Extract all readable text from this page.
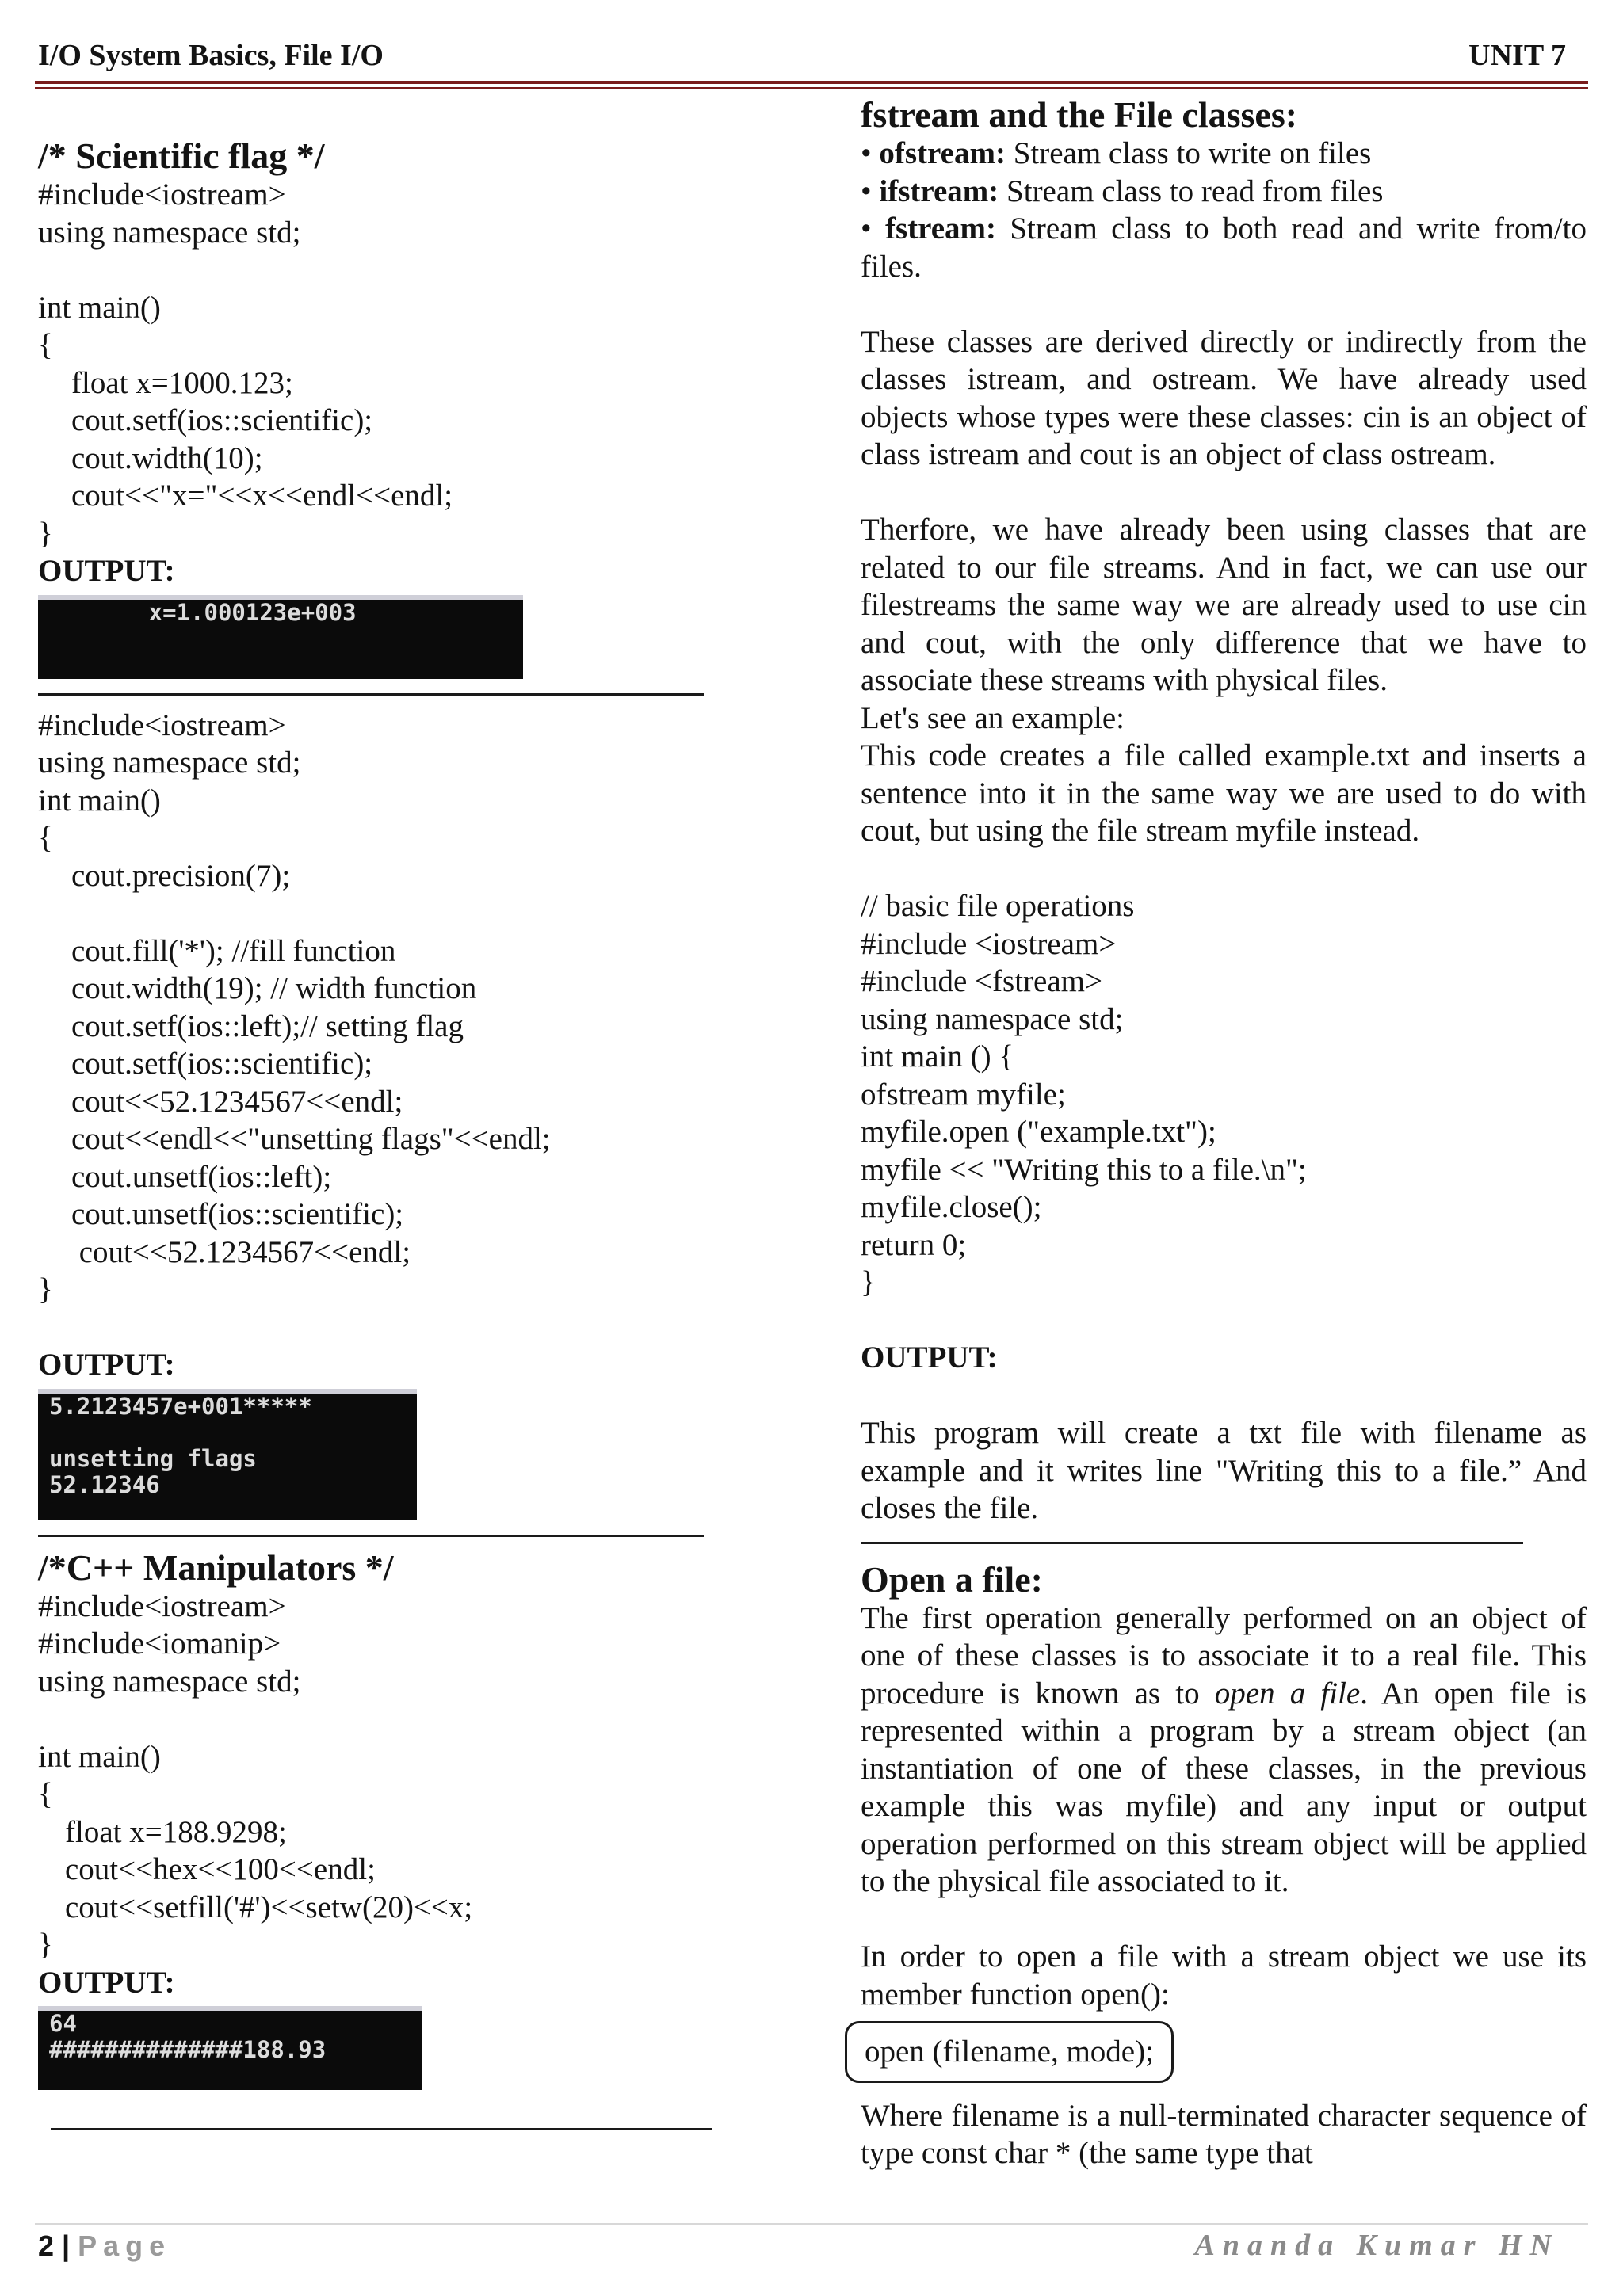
I/O System Basics, File I/O	UNIT 7
/* Scientific flag */
#include<iostream>
using namespace std;
int main()
{
float x=1000.123;
cout.setf(ios::scientific);
cout.width(10);
cout<<"x="<<x<<endl<<endl;
}
OUTPUT:
x=1.000123e+003
#include<iostream>
using namespace std;
int main()
{
cout.precision(7);
cout.fill('*'); //fill function
cout.width(19); // width function
cout.setf(ios::left);// setting flag
cout.setf(ios::scientific);
cout<<52.1234567<<endl;
cout<<endl<<"unsetting flags"<<endl;
cout.unsetf(ios::left);
cout.unsetf(ios::scientific);
cout<<52.1234567<<endl;
}
OUTPUT:
5.2123457e+001*****

unsetting flags
52.12346
/*C++ Manipulators */
#include<iostream>
#include<iomanip>
using namespace std;
int main()
{
float x=188.9298;
cout<<hex<<100<<endl;
cout<<setfill('#')<<setw(20)<<x;
}
OUTPUT:
64
##############188.93
fstream and the File classes:
• ofstream: Stream class to write on files
• ifstream: Stream class to read from files
• fstream: Stream class to both read and write from/to files.
These classes are derived directly or indirectly from the classes istream, and ostream. We have already used objects whose types were these classes: cin is an object of class istream and cout is an object of class ostream.
Therfore, we have already been using classes that are related to our file streams. And in fact, we can use our filestreams the same way we are already used to use cin and cout, with the only difference that we have to associate these streams with physical files.
Let's see an example:
This code creates a file called example.txt and inserts a sentence into it in the same way we are used to do with cout, but using the file stream myfile instead.
// basic file operations
#include <iostream>
#include <fstream>
using namespace std;
int main () {
ofstream myfile;
myfile.open ("example.txt");
myfile << "Writing this to a file.\n";
myfile.close();
return 0;
}
OUTPUT:
This program will create a txt file with filename as example and it writes line "Writing this to a file.” And closes the file.
Open a file:
The first operation generally performed on an object of one of these classes is to associate it to a real file. This procedure is known as to open a file. An open file is represented within a program by a stream object (an instantiation of one of these classes, in the previous example this was myfile) and any input or output operation performed on this stream object will be applied to the physical file associated to it.
In order to open a file with a stream object we use its member function open():
open (filename, mode);
Where filename is a null-terminated character sequence of type const char * (the same type that
2 | Page	Ananda Kumar HN
